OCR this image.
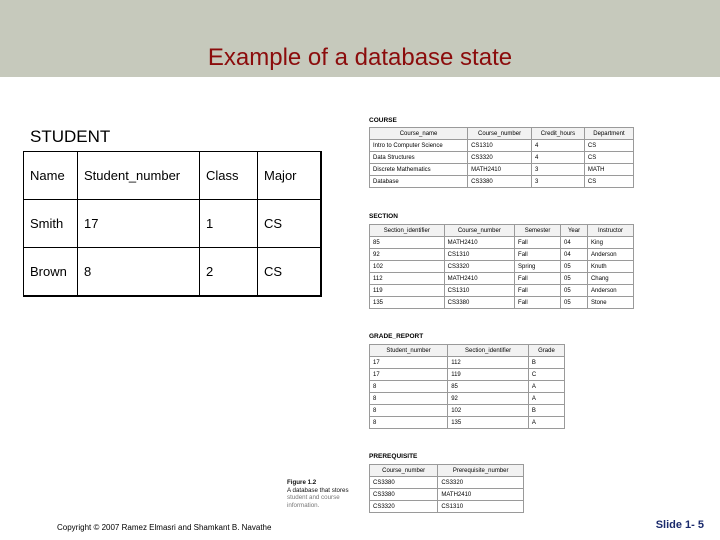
Example of a database state
STUDENT
Name	Student_number	Class	Major
Smith	17	1	CS
Brown	8	2	CS
COURSE
Course_name	Course_number	Credit_hours	Department
Intro to Computer Science	CS1310	4	CS
Data Structures	CS3320	4	CS
Discrete Mathematics	MATH2410	3	MATH
Database	CS3380	3	CS
SECTION
Section_identifier	Course_number	Semester	Year	Instructor
85	MATH2410	Fall	04	King
92	CS1310	Fall	04	Anderson
102	CS3320	Spring	05	Knuth
112	MATH2410	Fall	05	Chang
119	CS1310	Fall	05	Anderson
135	CS3380	Fall	05	Stone
GRADE_REPORT
Student_number	Section_identifier	Grade
17	112	B
17	119	C
8	85	A
8	92	A
8	102	B
8	135	A
PREREQUISITE
Course_number	Prerequisite_number
CS3380	CS3320
CS3380	MATH2410
CS3320	CS1310
Figure 1.2
A database that stores
student and course information.
Copyright © 2007 Ramez Elmasri and Shamkant B. Navathe	Slide 1- 5
